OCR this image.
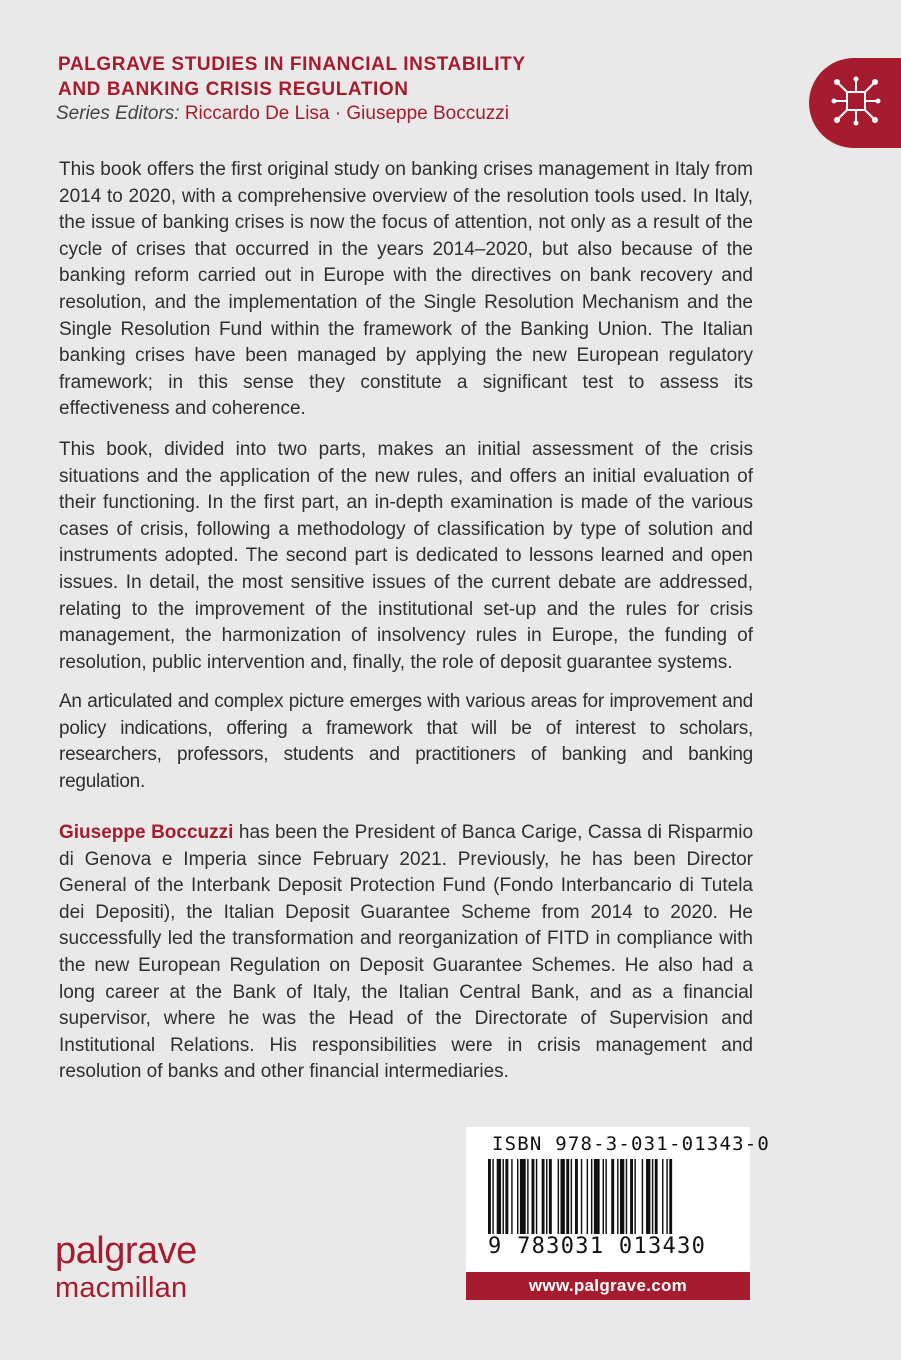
PALGRAVE STUDIES IN FINANCIAL INSTABILITY
AND BANKING CRISIS REGULATION
Series Editors: Riccardo De Lisa · Giuseppe Boccuzzi

This book offers the first original study on banking crises management in Italy from 2014 to 2020, with a comprehensive overview of the resolution tools used. In Italy, the issue of banking crises is now the focus of attention, not only as a result of the cycle of crises that occurred in the years 2014–2020, but also because of the banking reform carried out in Europe with the directives on bank recovery and resolution, and the implementation of the Single Resolution Mechanism and the Single Resolution Fund within the framework of the Banking Union. The Italian banking crises have been managed by applying the new European regulatory framework; in this sense they constitute a significant test to assess its effectiveness and coherence.

This book, divided into two parts, makes an initial assessment of the crisis situations and the application of the new rules, and offers an initial evaluation of their functioning. In the first part, an in-depth examination is made of the various cases of crisis, following a methodology of classification by type of solution and instruments adopted. The second part is dedicated to lessons learned and open issues. In detail, the most sensitive issues of the current debate are addressed, relating to the improvement of the institutional set-up and the rules for crisis management, the harmonization of insolvency rules in Europe, the funding of resolution, public intervention and, finally, the role of deposit guarantee systems.

An articulated and complex picture emerges with various areas for improvement and policy indications, offering a framework that will be of interest to scholars, researchers, professors, students and practitioners of banking and banking regulation.

Giuseppe Boccuzzi has been the President of Banca Carige, Cassa di Risparmio di Genova e Imperia since February 2021. Previously, he has been Director General of the Interbank Deposit Protection Fund (Fondo Interbancario di Tutela dei Depositi), the Italian Deposit Guarantee Scheme from 2014 to 2020. He successfully led the transformation and reorganization of FITD in compliance with the new European Regulation on Deposit Guarantee Schemes. He also had a long career at the Bank of Italy, the Italian Central Bank, and as a financial supervisor, where he was the Head of the Directorate of Supervision and Institutional Relations. His responsibilities were in crisis management and resolution of banks and other financial intermediaries.

ISBN 978-3-031-01343-0
9 783031 013430
www.palgrave.com
palgrave
macmillan
